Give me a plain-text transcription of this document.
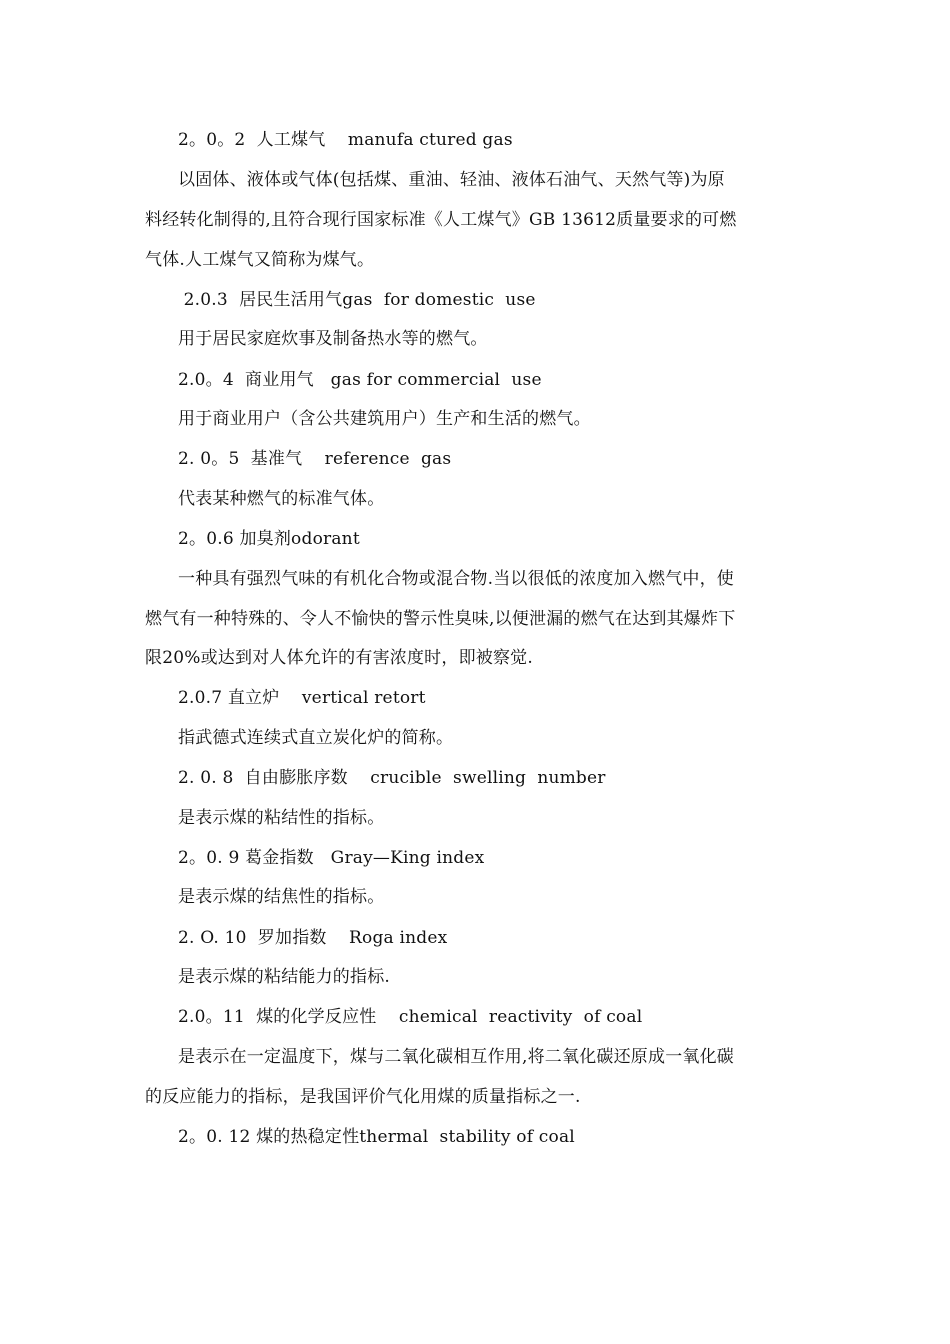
2。0。2  人工煤气    manufa ctured gas
以固体、液体或气体(包括煤、重油、轻油、液体石油气、天然气等)为原
料经转化制得的,且符合现行国家标准《人工煤气》GB 13612质量要求的可燃
气体.人工煤气又简称为煤气。
2.0.3  居民生活用气gas  for domestic  use
用于居民家庭炊事及制备热水等的燃气。
2.0。4  商业用气   gas for commercial  use
用于商业用户（含公共建筑用户）生产和生活的燃气。
2. 0。5  基准气    reference  gas
代表某种燃气的标准气体。
2。0.6 加臭剂odorant
一种具有强烈气味的有机化合物或混合物.当以很低的浓度加入燃气中，使
燃气有一种特殊的、令人不愉快的警示性臭味,以便泄漏的燃气在达到其爆炸下
限20%或达到对人体允许的有害浓度时，即被察觉.
2.0.7 直立炉    vertical retort
指武德式连续式直立炭化炉的简称。
2. 0. 8  自由膨胀序数    crucible  swelling  number
是表示煤的粘结性的指标。
2。0. 9 葛金指数   Gray—King index
是表示煤的结焦性的指标。
2. O. 10  罗加指数    Roga index
是表示煤的粘结能力的指标.
2.0。11  煤的化学反应性    chemical  reactivity  of coal
是表示在一定温度下，煤与二氧化碳相互作用,将二氧化碳还原成一氧化碳
的反应能力的指标，是我国评价气化用煤的质量指标之一.
2。0. 12 煤的热稳定性thermal  stability of coal
